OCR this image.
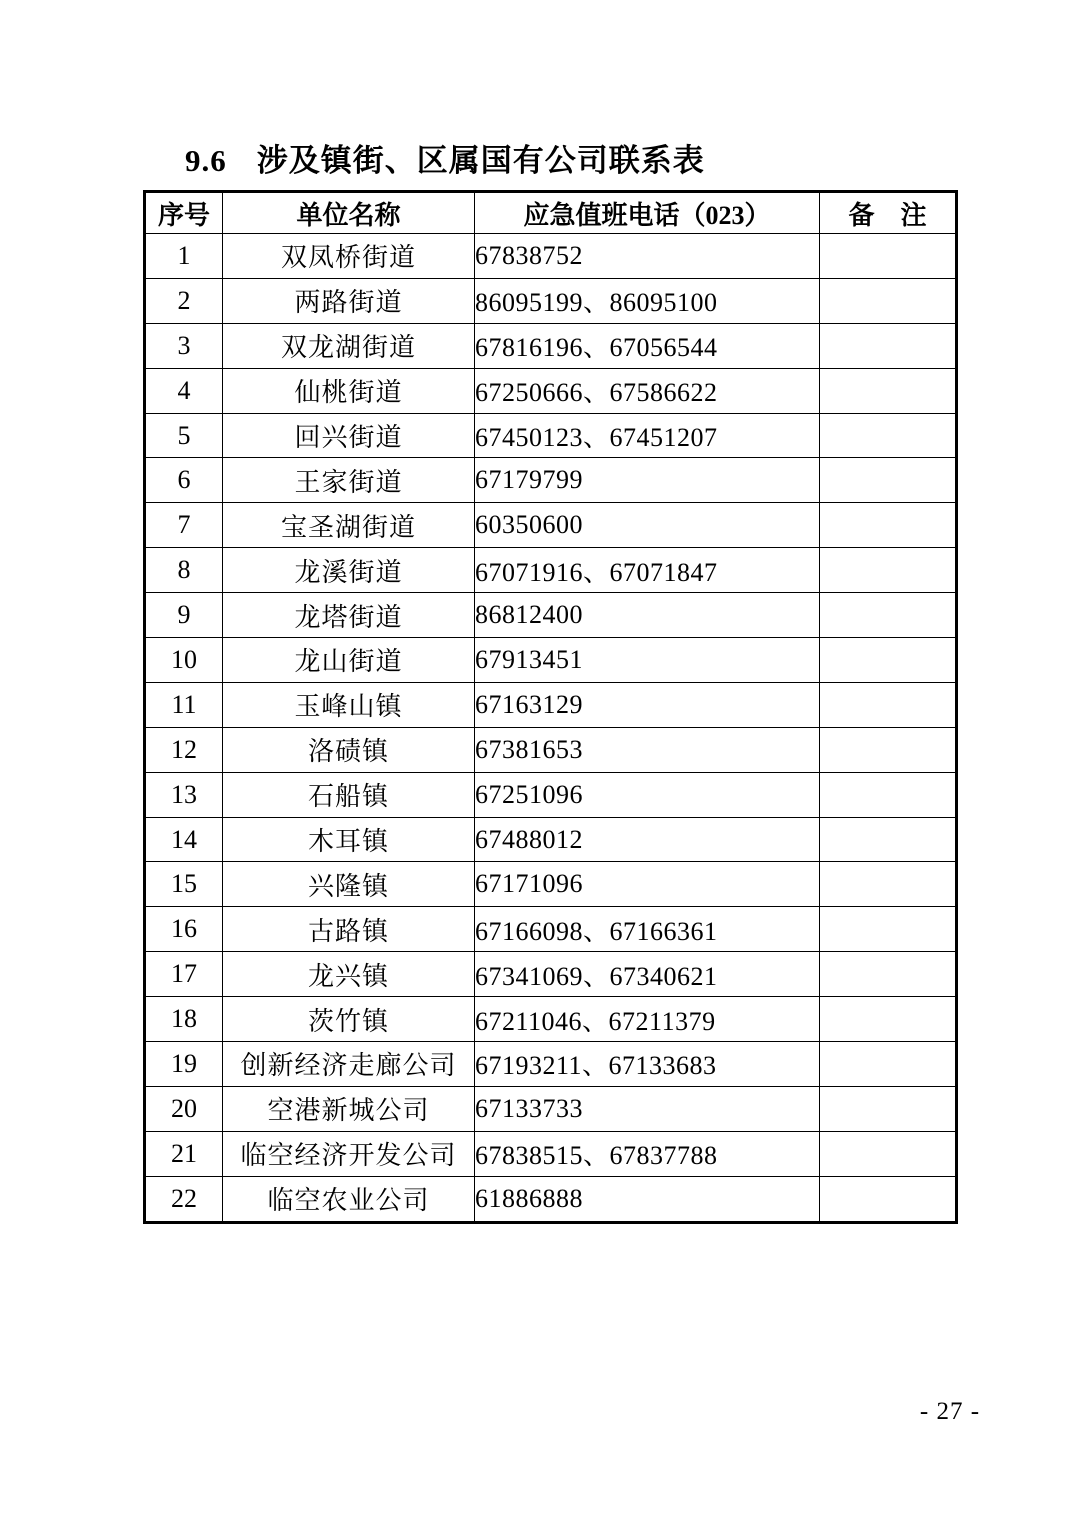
9.6 涉及镇街、区属国有公司联系表
序号	单位名称	应急值班电话（023）	备　注
1	双凤桥街道	67838752	
2	两路街道	86095199、86095100	
3	双龙湖街道	67816196、67056544	
4	仙桃街道	67250666、67586622	
5	回兴街道	67450123、67451207	
6	王家街道	67179799	
7	宝圣湖街道	60350600	
8	龙溪街道	67071916、67071847	
9	龙塔街道	86812400	
10	龙山街道	67913451	
11	玉峰山镇	67163129	
12	洛碛镇	67381653	
13	石船镇	67251096	
14	木耳镇	67488012	
15	兴隆镇	67171096	
16	古路镇	67166098、67166361	
17	龙兴镇	67341069、67340621	
18	茨竹镇	67211046、67211379	
19	创新经济走廊公司	67193211、67133683	
20	空港新城公司	67133733	
21	临空经济开发公司	67838515、67837788	
22	临空农业公司	61886888	
- 27 -
